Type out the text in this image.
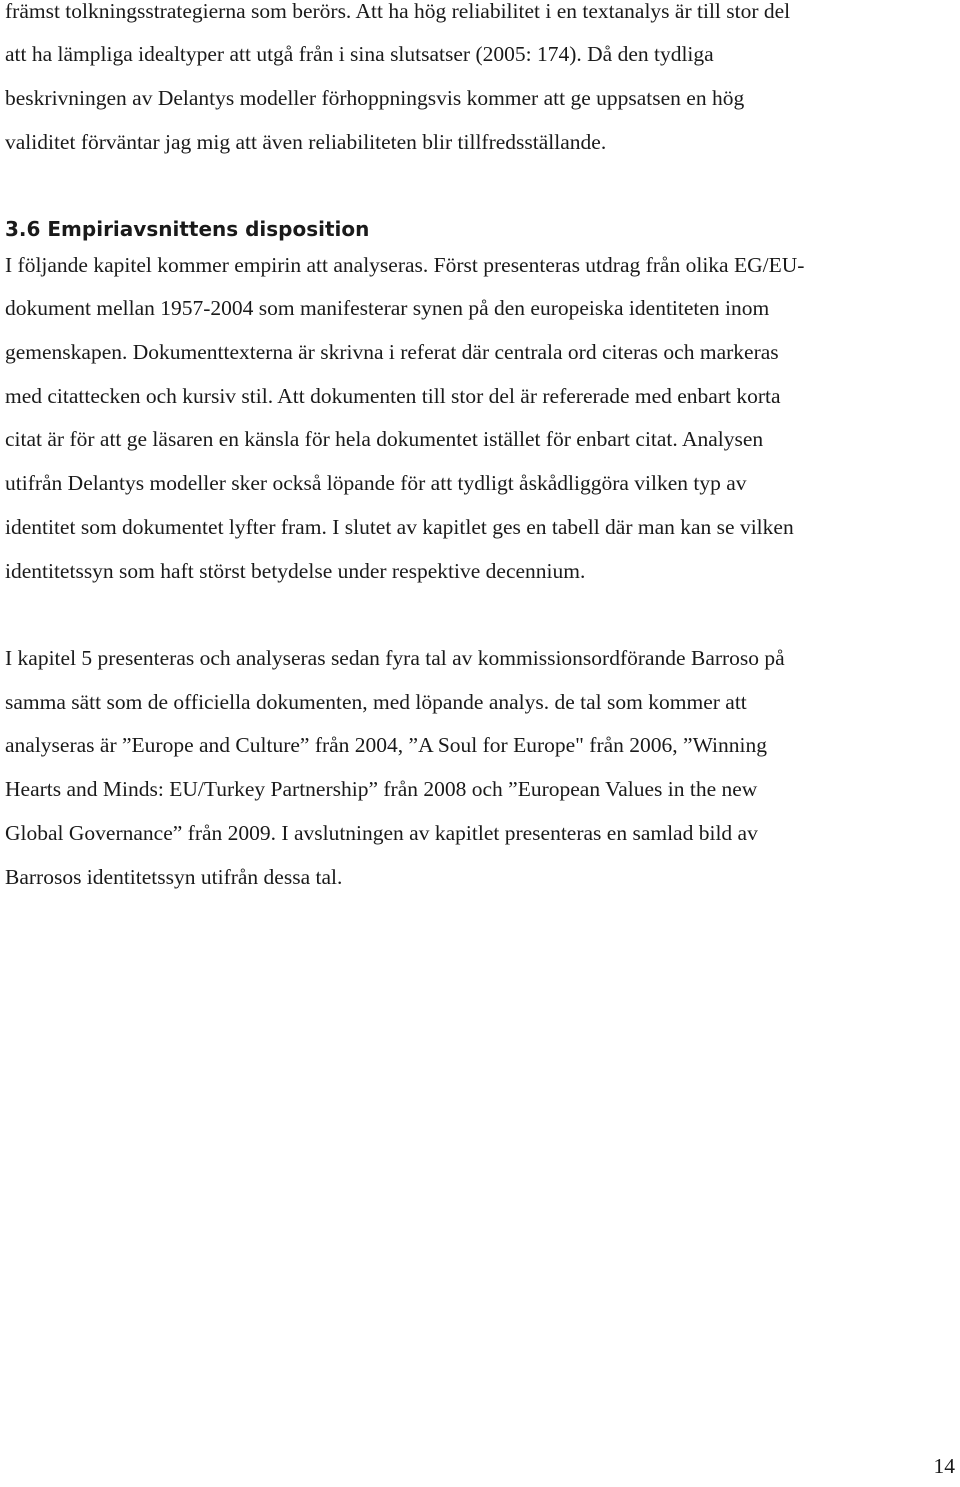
främst tolkningsstrategierna som berörs. Att ha hög reliabilitet i en textanalys är till stor del
att ha lämpliga idealtyper att utgå från i sina slutsatser (2005: 174). Då den tydliga
beskrivningen av Delantys modeller förhoppningsvis kommer att ge uppsatsen en hög
validitet förväntar jag mig att även reliabiliteten blir tillfredsställande.
3.6 Empiriavsnittens disposition
I följande kapitel kommer empirin att analyseras. Först presenteras utdrag från olika EG/EU-
dokument mellan 1957-2004 som manifesterar synen på den europeiska identiteten inom
gemenskapen. Dokumenttexterna är skrivna i referat där centrala ord citeras och markeras
med citattecken och kursiv stil. Att dokumenten till stor del är refererade med enbart korta
citat är för att ge läsaren en känsla för hela dokumentet istället för enbart citat. Analysen
utifrån Delantys modeller sker också löpande för att tydligt åskådliggöra vilken typ av
identitet som dokumentet lyfter fram. I slutet av kapitlet ges en tabell där man kan se vilken
identitetssyn som haft störst betydelse under respektive decennium.
I kapitel 5 presenteras och analyseras sedan fyra tal av kommissionsordförande Barroso på
samma sätt som de officiella dokumenten, med löpande analys. de tal som kommer att
analyseras är ”Europe and Culture” från 2004, ”A Soul for Europe" från 2006, ”Winning
Hearts and Minds: EU/Turkey Partnership” från 2008 och ”European Values in the new
Global Governance” från 2009. I avslutningen av kapitlet presenteras en samlad bild av
Barrosos identitetssyn utifrån dessa tal.
14
